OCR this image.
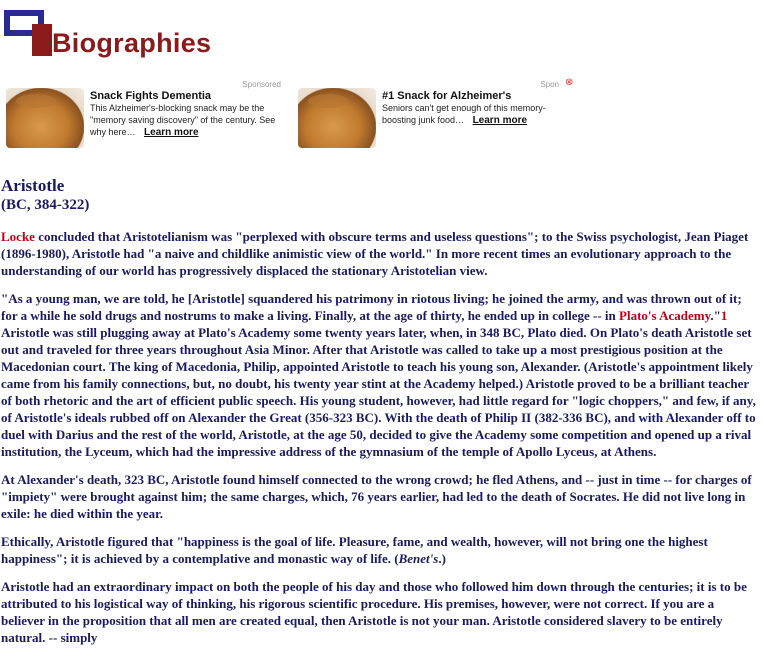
Biographies
Sponsored
Snack Fights Dementia
This Alzheimer's-blocking snack may be the "memory saving discovery" of the century. See why here… Learn more
Spon ⊗
#1 Snack for Alzheimer's
Seniors can't get enough of this memory-boosting junk food… Learn more
Aristotle
(BC, 384-322)

Locke concluded that Aristotelianism was "perplexed with obscure terms and useless questions"; to the Swiss psychologist, Jean Piaget (1896-1980), Aristotle had "a naive and childlike animistic view of the world." In more recent times an evolutionary approach to the understanding of our world has progressively displaced the stationary Aristotelian view.

"As a young man, we are told, he [Aristotle] squandered his patrimony in riotous living; he joined the army, and was thrown out of it; for a while he sold drugs and nostrums to make a living. Finally, at the age of thirty, he ended up in college -- in Plato's Academy."1 Aristotle was still plugging away at Plato's Academy some twenty years later, when, in 348 BC, Plato died. On Plato's death Aristotle set out and traveled for three years throughout Asia Minor. After that Aristotle was called to take up a most prestigious position at the Macedonian court. The king of Macedonia, Philip, appointed Aristotle to teach his young son, Alexander. (Aristotle's appointment likely came from his family connections, but, no doubt, his twenty year stint at the Academy helped.) Aristotle proved to be a brilliant teacher of both rhetoric and the art of efficient public speech. His young student, however, had little regard for "logic choppers," and few, if any, of Aristotle's ideals rubbed off on Alexander the Great (356-323 BC). With the death of Philip II (382-336 BC), and with Alexander off to duel with Darius and the rest of the world, Aristotle, at the age 50, decided to give the Academy some competition and opened up a rival institution, the Lyceum, which had the impressive address of the gymnasium of the temple of Apollo Lyceus, at Athens.

At Alexander's death, 323 BC, Aristotle found himself connected to the wrong crowd; he fled Athens, and -- just in time -- for charges of "impiety" were brought against him; the same charges, which, 76 years earlier, had led to the death of Socrates. He did not live long in exile: he died within the year.

Ethically, Aristotle figured that "happiness is the goal of life. Pleasure, fame, and wealth, however, will not bring one the highest happiness"; it is achieved by a contemplative and monastic way of life. (Benet's.)

Aristotle had an extraordinary impact on both the people of his day and those who followed him down through the centuries; it is to be attributed to his logistical way of thinking, his rigorous scientific procedure. His premises, however, were not correct. If you are a believer in the proposition that all men are created equal, then Aristotle is not your man. Aristotle considered slavery to be entirely natural. -- simply
